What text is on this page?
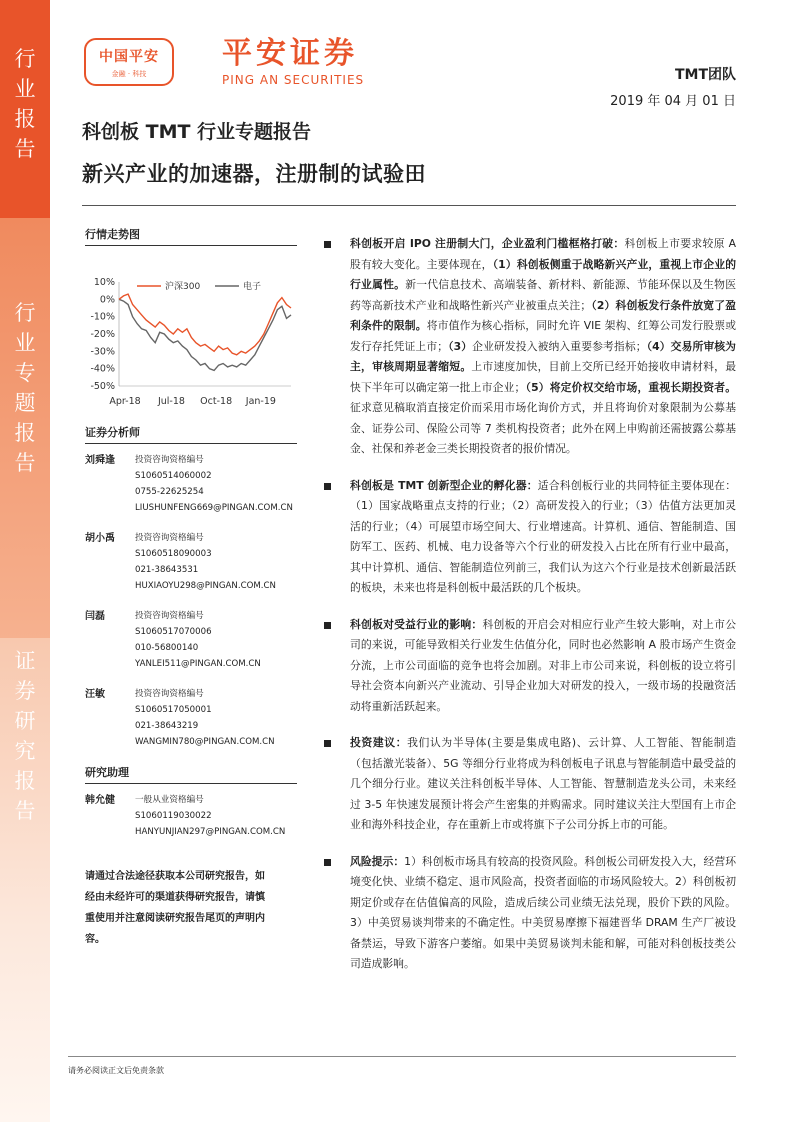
行业报告
行业专题报告
证券研究报告
中国平安
金融 · 科技
平安证券
PING AN SECURITIES	TMT团队
2019 年 04 月 01 日
科创板 TMT 行业专题报告
新兴产业的加速器，注册制的试验田
行情走势图
10%
0%
-10%
-20%
-30%
-40%
-50%
Apr-18 Jul-18 Oct-18 Jan-19
沪深300	电子
证券分析师
刘舜逢	投资咨询资格编号
S1060514060002
0755-22625254
LIUSHUNFENG669@PINGAN.COM.CN
胡小禹	投资咨询资格编号
S1060518090003
021-38643531
HUXIAOYU298@PINGAN.COM.CN
闫磊	投资咨询资格编号
S1060517070006
010-56800140
YANLEI511@PINGAN.COM.CN
汪敏	投资咨询资格编号
S1060517050001
021-38643219
WANGMIN780@PINGAN.COM.CN
研究助理
韩允健	一般从业资格编号
S1060119030022
HANYUNJIAN297@PINGAN.COM.CN
请通过合法途径获取本公司研究报告，如经由未经许可的渠道获得研究报告，请慎重使用并注意阅读研究报告尾页的声明内容。
科创板开启 IPO 注册制大门，企业盈利门槛框格打破：科创板上市要求较原 A 股有较大变化。主要体现在，（1）科创板侧重于战略新兴产业，重视上市企业的行业属性。新一代信息技术、高端装备、新材料、新能源、节能环保以及生物医药等高新技术产业和战略性新兴产业被重点关注；（2）科创板发行条件放宽了盈利条件的限制。将市值作为核心指标，同时允许 VIE 架构、红筹公司发行股票或发行存托凭证上市；（3）企业研发投入被纳入重要参考指标；（4）交易所审核为主，审核周期显著缩短。上市速度加快，目前上交所已经开始接收申请材料，最快下半年可以确定第一批上市企业；（5）将定价权交给市场，重视长期投资者。征求意见稿取消直接定价而采用市场化询价方式，并且将询价对象限制为公募基金、证券公司、保险公司等 7 类机构投资者；此外在网上申购前还需披露公募基金、社保和养老金三类长期投资者的报价情况。
科创板是 TMT 创新型企业的孵化器：适合科创板行业的共同特征主要体现在：（1）国家战略重点支持的行业；（2）高研发投入的行业；（3）估值方法更加灵活的行业；（4）可展望市场空间大、行业增速高。计算机、通信、智能制造、国防军工、医药、机械、电力设备等六个行业的研发投入占比在所有行业中最高，其中计算机、通信、智能制造位列前三，我们认为这六个行业是技术创新最活跃的板块，未来也将是科创板中最活跃的几个板块。
科创板对受益行业的影响：科创板的开启会对相应行业产生较大影响，对上市公司的来说，可能导致相关行业发生估值分化，同时也必然影响 A 股市场产生资金分流，上市公司面临的竞争也将会加剧。对非上市公司来说，科创板的设立将引导社会资本向新兴产业流动、引导企业加大对研发的投入，一级市场的投融资活动将重新活跃起来。
投资建议：我们认为半导体(主要是集成电路)、云计算、人工智能、智能制造（包括激光装备）、5G 等细分行业将成为科创板电子讯息与智能制造中最受益的几个细分行业。建议关注科创板半导体、人工智能、智慧制造龙头公司，未来经过 3-5 年快速发展预计将会产生密集的并购需求。同时建议关注大型国有上市企业和海外科技企业，存在重新上市或将旗下子公司分拆上市的可能。
风险提示：1）科创板市场具有较高的投资风险。科创板公司研发投入大，经营环境变化快、业绩不稳定、退市风险高，投资者面临的市场风险较大。2）科创板初期定价或存在估值偏高的风险，造成后续公司业绩无法兑现，股价下跌的风险。3）中美贸易谈判带来的不确定性。中美贸易摩擦下福建晋华 DRAM 生产厂被设备禁运，导致下游客户萎缩。如果中美贸易谈判未能和解，可能对科创板技类公司造成影响。
请务必阅读正文后免责条款
